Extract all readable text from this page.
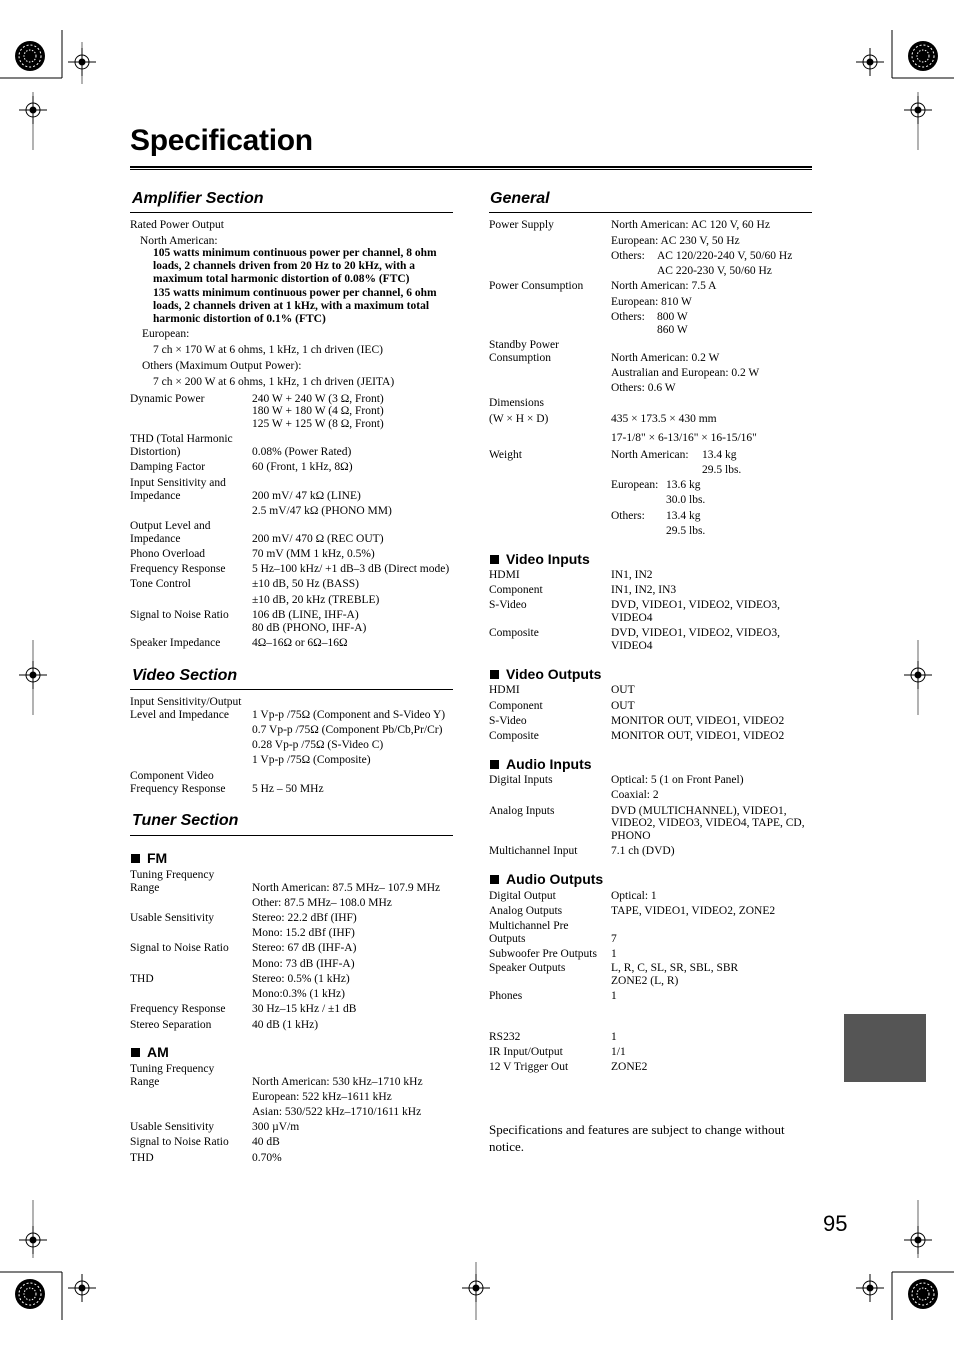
Specification
Amplifier Section
Rated Power Output
North American:
105 watts minimum continuous power per channel, 8 ohm
loads, 2 channels driven from 20 Hz to 20 kHz, with a
maximum total harmonic distortion of 0.08% (FTC)
135 watts minimum continuous power per channel, 6 ohm
loads, 2 channels driven at 1 kHz, with a maximum total
harmonic distortion of 0.1% (FTC)
European:
7 ch × 170 W at 6 ohms, 1 kHz, 1 ch driven (IEC)
Others (Maximum Output Power):
7 ch × 200 W at 6 ohms, 1 kHz, 1 ch driven (JEITA)
Dynamic Power	240 W + 240 W (3 Ω, Front)
180 W + 180 W (4 Ω, Front)
125 W + 125 W (8 Ω, Front)
THD (Total Harmonic
Distortion)	0.08% (Power Rated)
Damping Factor	60 (Front, 1 kHz, 8Ω)
Input Sensitivity and
Impedance	200 mV/ 47 kΩ (LINE)
2.5 mV/47 kΩ (PHONO MM)
Output Level and
Impedance	200 mV/ 470 Ω (REC OUT)
Phono Overload	70 mV (MM 1 kHz, 0.5%)
Frequency Response 5 Hz–100 kHz/ +1 dB–3 dB (Direct mode)
Tone Control	±10 dB, 50 Hz (BASS)
±10 dB, 20 kHz (TREBLE)
Signal to Noise Ratio 106 dB (LINE, IHF-A)
80 dB (PHONO, IHF-A)
Speaker Impedance	4Ω–16Ω or 6Ω–16Ω
Video Section
Input Sensitivity/Output
Level and Impedance 1 Vp-p /75Ω (Component and S-Video Y)
0.7 Vp-p /75Ω (Component Pb/Cb,Pr/Cr)
0.28 Vp-p /75Ω (S-Video C)
1 Vp-p /75Ω (Composite)
Component Video
Frequency Response 5 Hz – 50 MHz
Tuner Section
FM
Tuning Frequency
Range	North American: 87.5 MHz– 107.9 MHz
Other: 87.5 MHz– 108.0 MHz
Usable Sensitivity	Stereo: 22.2 dBf (IHF)
Mono: 15.2 dBf (IHF)
Signal to Noise Ratio Stereo: 67 dB (IHF-A)
Mono: 73 dB (IHF-A)
THD	Stereo: 0.5% (1 kHz)
Mono:0.3% (1 kHz)
Frequency Response 30 Hz–15 kHz / ±1 dB
Stereo Separation	40 dB (1 kHz)
AM
Tuning Frequency
Range	North American: 530 kHz–1710 kHz
European: 522 kHz–1611 kHz
Asian: 530/522 kHz–1710/1611 kHz
Usable Sensitivity	300 µV/m
Signal to Noise Ratio 40 dB
THD	0.70%
General
Power Supply	North American: AC 120 V, 60 Hz
European: AC 230 V, 50 Hz
Others: AC 120/220-240 V, 50/60 Hz
AC 220-230 V, 50/60 Hz
Power Consumption North American: 7.5 A
European: 810 W
Others: 800 W
860 W
Standby Power
Consumption	North American: 0.2 W
Australian and European: 0.2 W
Others: 0.6 W
Dimensions
(W × H × D)	435 × 173.5 × 430 mm
17-1/8" × 6-13/16" × 16-15/16"
Weight	North American: 13.4 kg
29.5 lbs.
European: 13.6 kg
30.0 lbs.
Others: 13.4 kg
29.5 lbs.
Video Inputs
HDMI	IN1, IN2
Component	IN1, IN2, IN3
S-Video	DVD, VIDEO1, VIDEO2, VIDEO3,
VIDEO4
Composite	DVD, VIDEO1, VIDEO2, VIDEO3,
VIDEO4
Video Outputs
HDMI	OUT
Component	OUT
S-Video	MONITOR OUT, VIDEO1, VIDEO2
Composite	MONITOR OUT, VIDEO1, VIDEO2
Audio Inputs
Digital Inputs	Optical: 5 (1 on Front Panel)
Coaxial: 2
Analog Inputs	DVD (MULTICHANNEL), VIDEO1,
VIDEO2, VIDEO3, VIDEO4, TAPE, CD,
PHONO
Multichannel Input	7.1 ch (DVD)
Audio Outputs
Digital Output	Optical: 1
Analog Outputs	TAPE, VIDEO1, VIDEO2, ZONE2
Multichannel Pre
Outputs	7
Subwoofer Pre Outputs 1
Speaker Outputs	L, R, C, SL, SR, SBL, SBR
ZONE2 (L, R)
Phones	1
RS232	1
IR Input/Output	1/1
12 V Trigger Out	ZONE2
Specifications and features are subject to change without notice.
95
